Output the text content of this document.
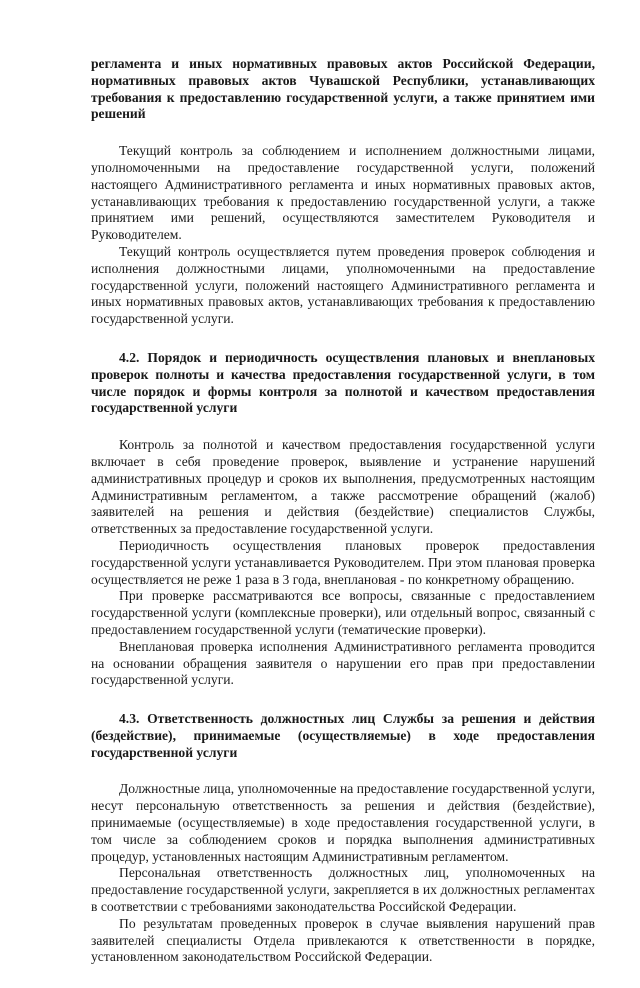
регламента и иных нормативных правовых актов Российской Федерации, нормативных правовых актов Чувашской Республики, устанавливающих требования к предоставлению государственной услуги, а также принятием ими решений

Текущий контроль за соблюдением и исполнением должностными лицами, уполномоченными на предоставление государственной услуги, положений настоящего Административного регламента и иных нормативных правовых актов, устанавливающих требования к предоставлению государственной услуги, а также принятием ими решений, осуществляются заместителем Руководителя и Руководителем.

Текущий контроль осуществляется путем проведения проверок соблюдения и исполнения должностными лицами, уполномоченными на предоставление государственной услуги, положений настоящего Административного регламента и иных нормативных правовых актов, устанавливающих требования к предоставлению государственной услуги.

4.2. Порядок и периодичность осуществления плановых и внеплановых проверок полноты и качества предоставления государственной услуги, в том числе порядок и формы контроля за полнотой и качеством предоставления государственной услуги

Контроль за полнотой и качеством предоставления государственной услуги включает в себя проведение проверок, выявление и устранение нарушений административных процедур и сроков их выполнения, предусмотренных настоящим Административным регламентом, а также рассмотрение обращений (жалоб) заявителей на решения и действия (бездействие) специалистов Службы, ответственных за предоставление государственной услуги.

Периодичность осуществления плановых проверок предоставления государственной услуги устанавливается Руководителем. При этом плановая проверка осуществляется не реже 1 раза в 3 года, внеплановая - по конкретному обращению.

При проверке рассматриваются все вопросы, связанные с предоставлением государственной услуги (комплексные проверки), или отдельный вопрос, связанный с предоставлением государственной услуги (тематические проверки).

Внеплановая проверка исполнения Административного регламента проводится на основании обращения заявителя о нарушении его прав при предоставлении государственной услуги.

4.3. Ответственность должностных лиц Службы за решения и действия (бездействие), принимаемые (осуществляемые) в ходе предоставления государственной услуги

Должностные лица, уполномоченные на предоставление государственной услуги, несут персональную ответственность за решения и действия (бездействие), принимаемые (осуществляемые) в ходе предоставления государственной услуги, в том числе за соблюдением сроков и порядка выполнения административных процедур, установленных настоящим Административным регламентом.

Персональная ответственность должностных лиц, уполномоченных на предоставление государственной услуги, закрепляется в их должностных регламентах в соответствии с требованиями законодательства Российской Федерации.

По результатам проведенных проверок в случае выявления нарушений прав заявителей специалисты Отдела привлекаются к ответственности в порядке, установленном законодательством Российской Федерации.
